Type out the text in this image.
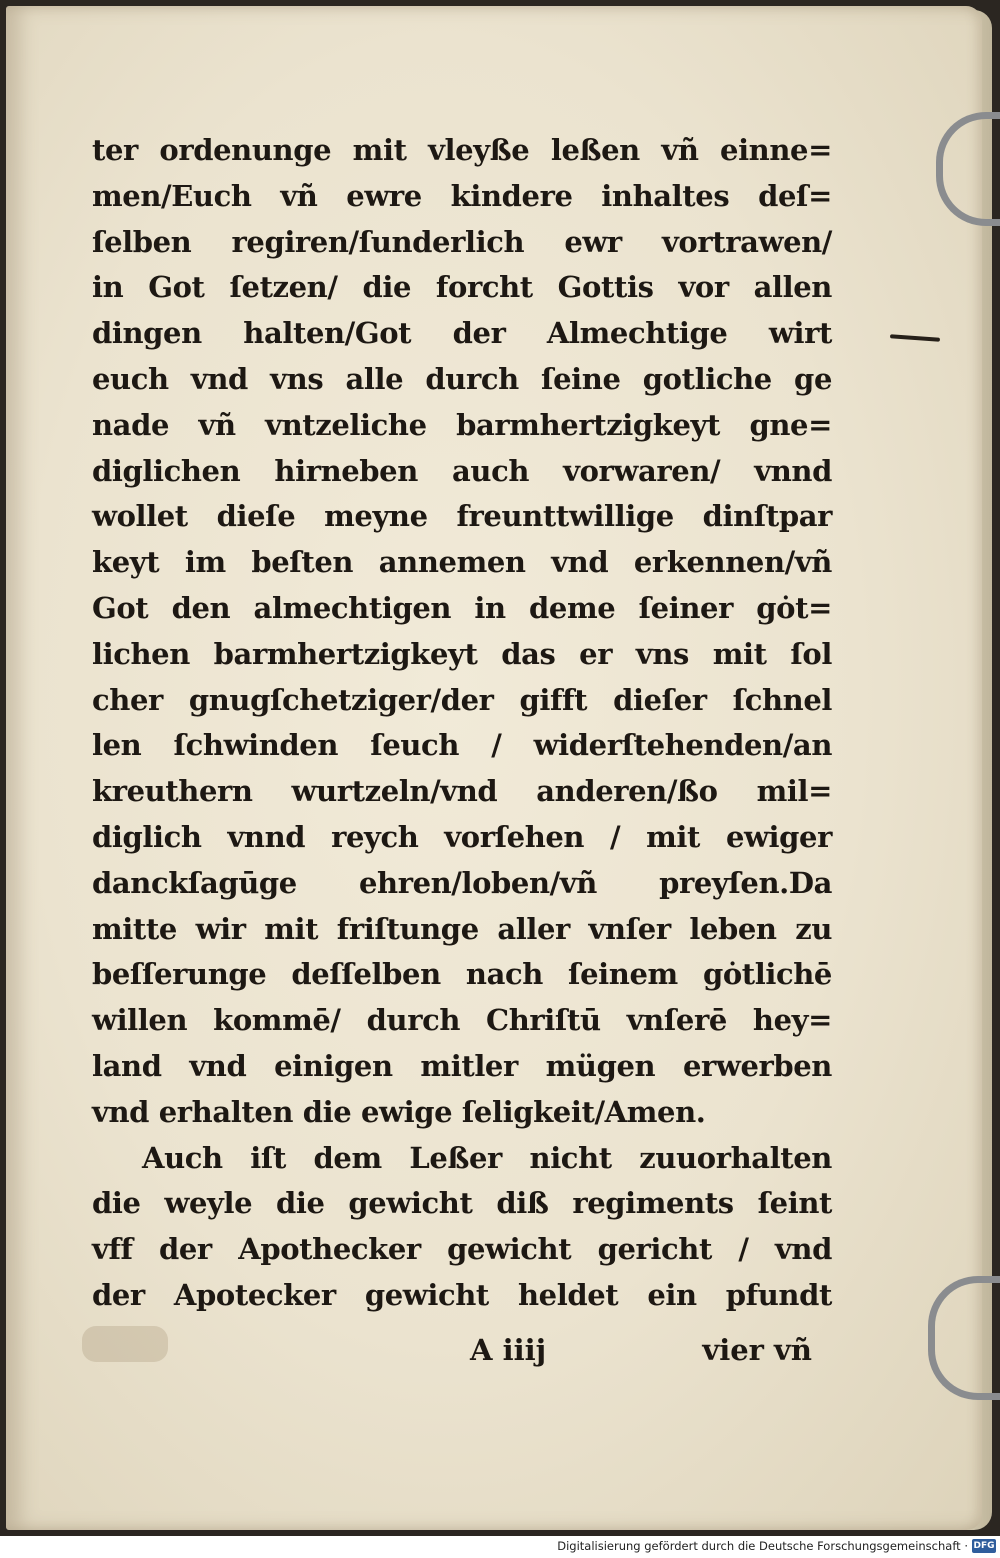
ter ordenunge mit vleyße leßen vñ einne=
men/Euch vñ ewre kindere inhaltes deſ=
ſelben regiren/ſunderlich ewr vortrawen/
in Got ſetzen/ die forcht Gottis vor allen
dingen halten/Got der Almechtige wirt
euch vnd vns alle durch ſeine gotliche ge
nade vñ vntzeliche barmhertzigkeyt gne=
diglichen hirneben auch vorwaren/ vnnd
wollet dieſe meyne freunttwillige dinſtpar
keyt im beſten annemen vnd erkennen/vñ
Got den almechtigen in deme ſeiner gȯt=
lichen barmhertzigkeyt das er vns mit ſol
cher gnugſchetziger/der gifft dieſer ſchnel
len ſchwinden ſeuch / widerſtehenden/an
kreuthern wurtzeln/vnd anderen/ßo mil=
diglich vnnd reych vorſehen / mit ewiger
danckſagūge ehren/loben/vñ preyſen.Da
mitte wir mit friſtunge aller vnſer leben zu
beſſerunge deſſelben nach ſeinem gȯtlichē
willen kommē/ durch Chriſtū vnſerē hey=
land vnd einigen mitler mügen erwerben
vnd erhalten die ewige ſeligkeit/Amen.
Auch iſt dem Leßer nicht zuuorhalten
die weyle die gewicht diß regiments ſeint
vff der Apothecker gewicht gericht / vnd
der Apotecker gewicht heldet ein pfundt
A iiij	vier vñ
Digitalisierung gefördert durch die Deutsche Forschungsgemeinschaft · DFG
